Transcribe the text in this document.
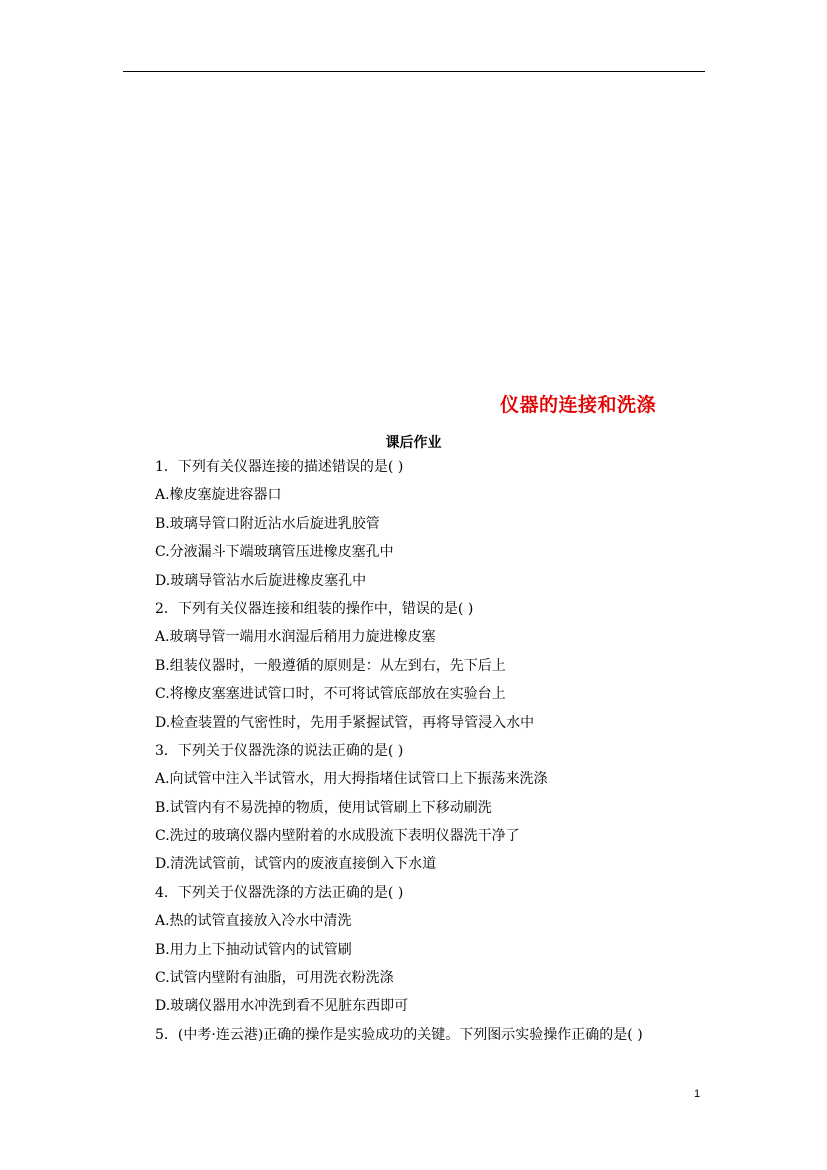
仪器的连接和洗涤
课后作业
1．下列有关仪器连接的描述错误的是( )
A.橡皮塞旋进容器口
B.玻璃导管口附近沾水后旋进乳胶管
C.分液漏斗下端玻璃管压进橡皮塞孔中
D.玻璃导管沾水后旋进橡皮塞孔中
2．下列有关仪器连接和组装的操作中，错误的是( )
A.玻璃导管一端用水润湿后稍用力旋进橡皮塞
B.组装仪器时，一般遵循的原则是：从左到右，先下后上
C.将橡皮塞塞进试管口时，不可将试管底部放在实验台上
D.检查装置的气密性时，先用手紧握试管，再将导管浸入水中
3．下列关于仪器洗涤的说法正确的是( )
A.向试管中注入半试管水，用大拇指堵住试管口上下振荡来洗涤
B.试管内有不易洗掉的物质，使用试管刷上下移动刷洗
C.洗过的玻璃仪器内壁附着的水成股流下表明仪器洗干净了
D.清洗试管前，试管内的废液直接倒入下水道
4．下列关于仪器洗涤的方法正确的是( )
A.热的试管直接放入冷水中清洗
B.用力上下抽动试管内的试管刷
C.试管内壁附有油脂，可用洗衣粉洗涤
D.玻璃仪器用水冲洗到看不见脏东西即可
5．(中考·连云港)正确的操作是实验成功的关键。下列图示实验操作正确的是( )
1
